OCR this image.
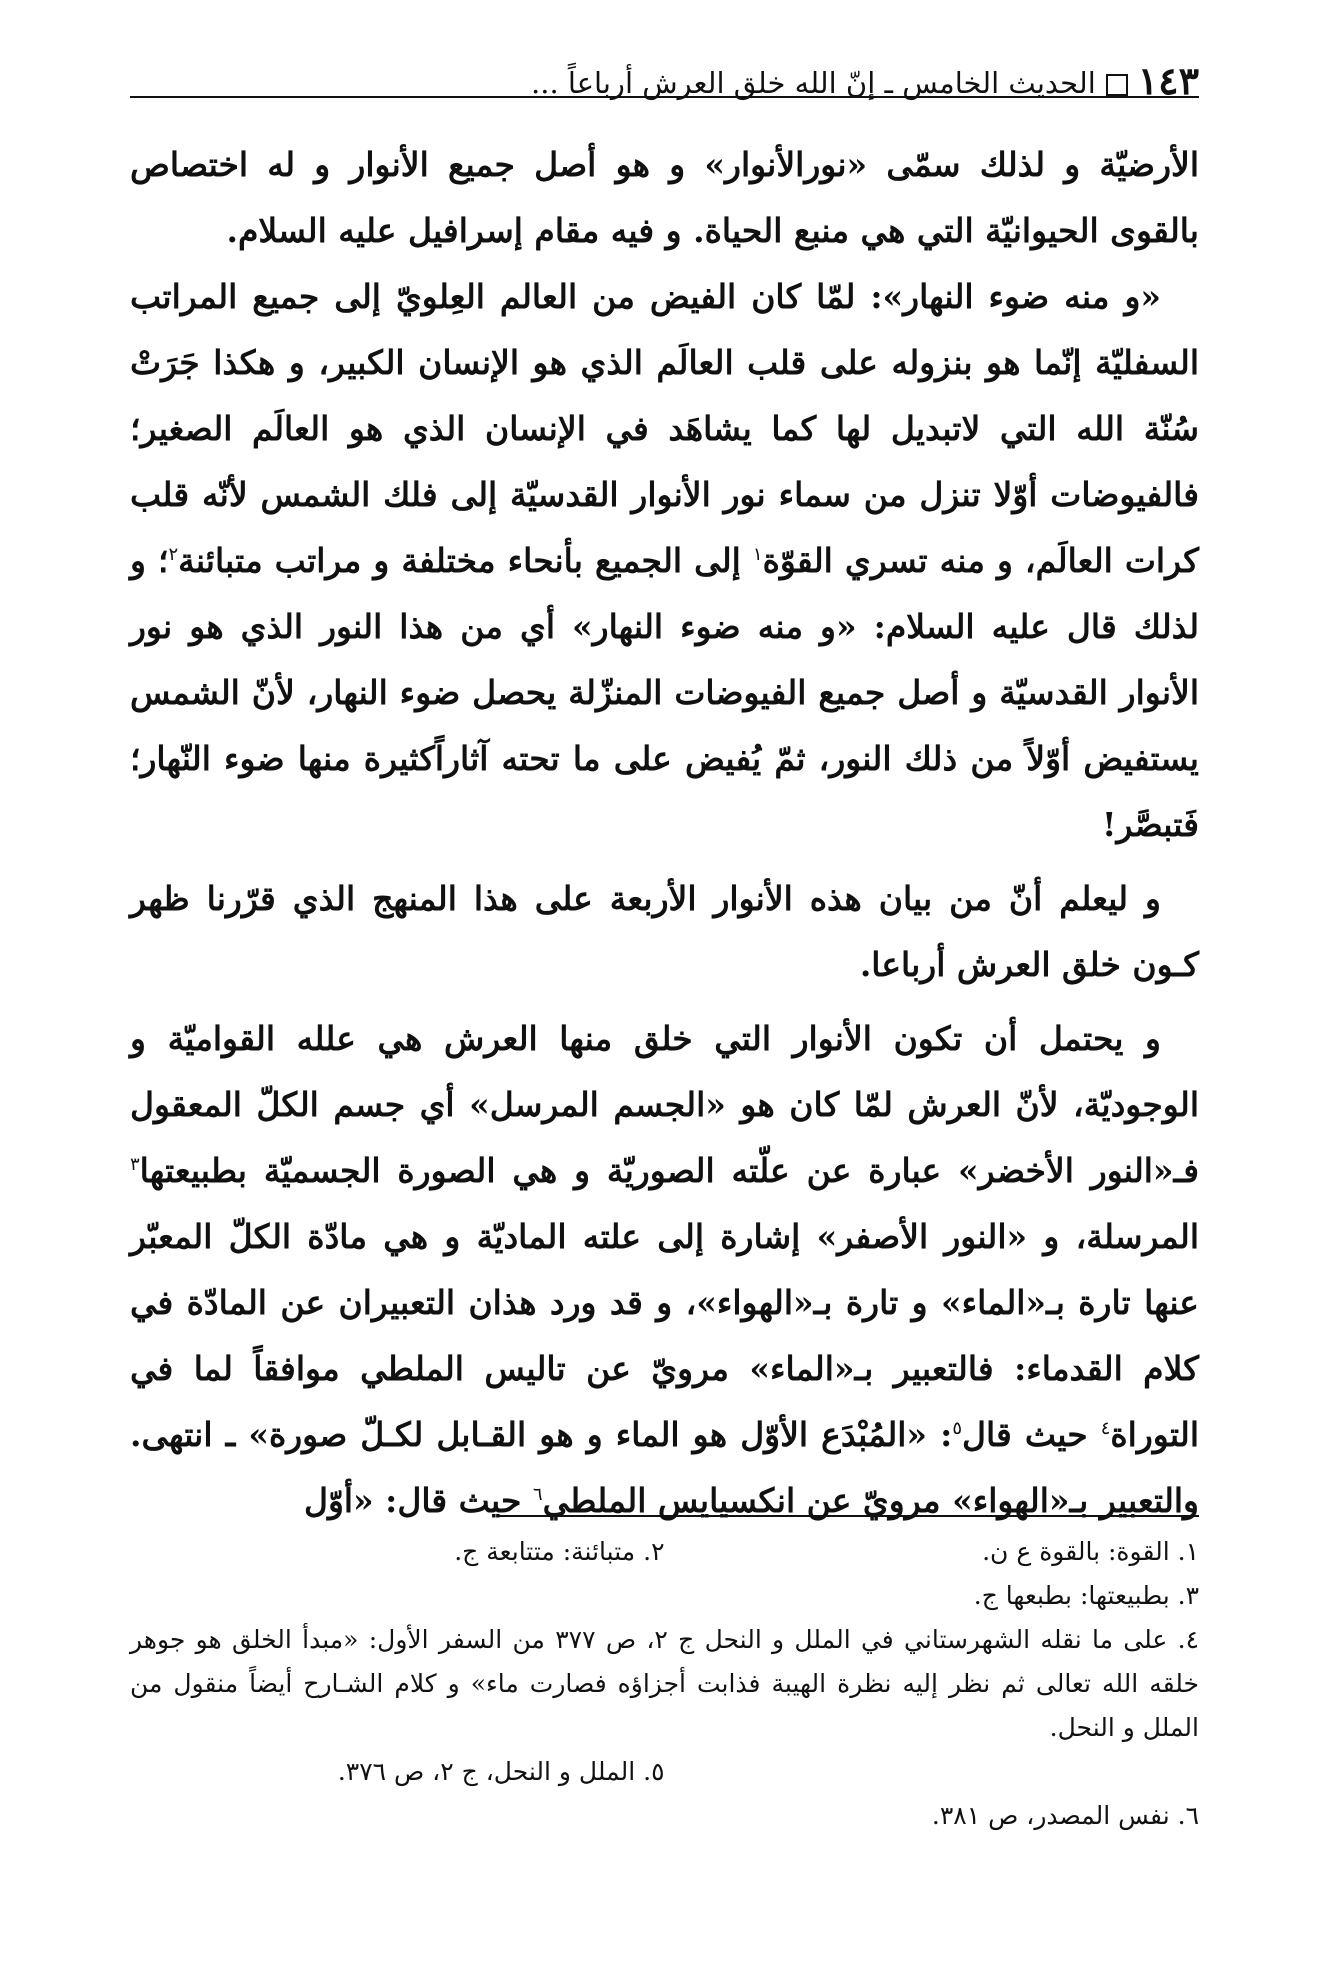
١٤٣
الحديث الخامس ـ إنّ الله خلق العرش أرباعاً ...

الأرضيّة و لذلك سمّى «نورالأنوار» و هو أصل جميع الأنوار و له اختصاص بالقوى الحيوانيّة التي هي منبع الحياة. و فيه مقام إسرافيل عليه السلام.

«و منه ضوء النهار»: لمّا كان الفيض من العالم العِلويّ إلى جميع المراتب السفليّة إنّما هو بنزوله على قلب العالَم الذي هو الإنسان الكبير، و هكذا جَرَتْ سُنّة الله التي لاتبديل لها كما يشاهَد في الإنسان الذي هو العالَم الصغير؛ فالفيوضات أوّلا تنزل من سماء نور الأنوار القدسيّة إلى فلك الشمس لأنّه قلب كرات العالَم، و منه تسري القوّة$^١$ إلى الجميع بأنحاء مختلفة و مراتب متبائنة$^٢$؛ و لذلك قال عليه السلام: «و منه ضوء النهار» أي من هذا النور الذي هو نور الأنوار القدسيّة و أصل جميع الفيوضات المنزّلة يحصل ضوء النهار، لأنّ الشمس يستفيض أوّلاً من ذلك النور، ثمّ يُفيض على ما تحته آثاراًكثيرة منها ضوء النّهار؛ فَتبصَّر!

و ليعلم أنّ من بيان هذه الأنوار الأربعة على هذا المنهج الذي قرّرنا ظهر كـون خلق العرش أرباعا.

و يحتمل أن تكون الأنوار التي خلق منها العرش هي علله القواميّة و الوجوديّة، لأنّ العرش لمّا كان هو «الجسم المرسل» أي جسم الكلّ المعقول فـ«النور الأخضر» عبارة عن علّته الصوريّة و هي الصورة الجسميّة بطبيعتها$^٣$ المرسلة، و «النور الأصفر» إشارة إلى علته الماديّة و هي مادّة الكلّ المعبّر عنها تارة بـ«الماء» و تارة بـ«الهواء»، و قد ورد هذان التعبيران عن المادّة في كلام القدماء: فالتعبير بـ«الماء» مرويّ عن تاليس الملطي موافقاً لما في التوراة$^٤$ حيث قال$^٥$: «المُبْدَع الأوّل هو الماء و هو القـابل لكـلّ صورة» ـ انتهى. والتعبير بـ«الهواء» مرويّ عن انكسيايس الملطي$^٦$ حيث قال: «أوّل

١. القوة: بالقوة ع ن.
٢. متبائنة: متتابعة ج.
٣. بطبيعتها: بطبعها ج.
٤. على ما نقله الشهرستاني في الملل و النحل ج ٢، ص ٣٧٧ من السفر الأول: «مبدأ الخلق هو جوهر خلقه الله تعالى ثم نظر إليه نظرة الهيبة فذابت أجزاؤه فصارت ماء» و كلام الشـارح أيضاً منقول من الملل و النحل.
٥. الملل و النحل، ج ٢، ص ٣٧٦.
٦. نفس المصدر، ص ٣٨١.
